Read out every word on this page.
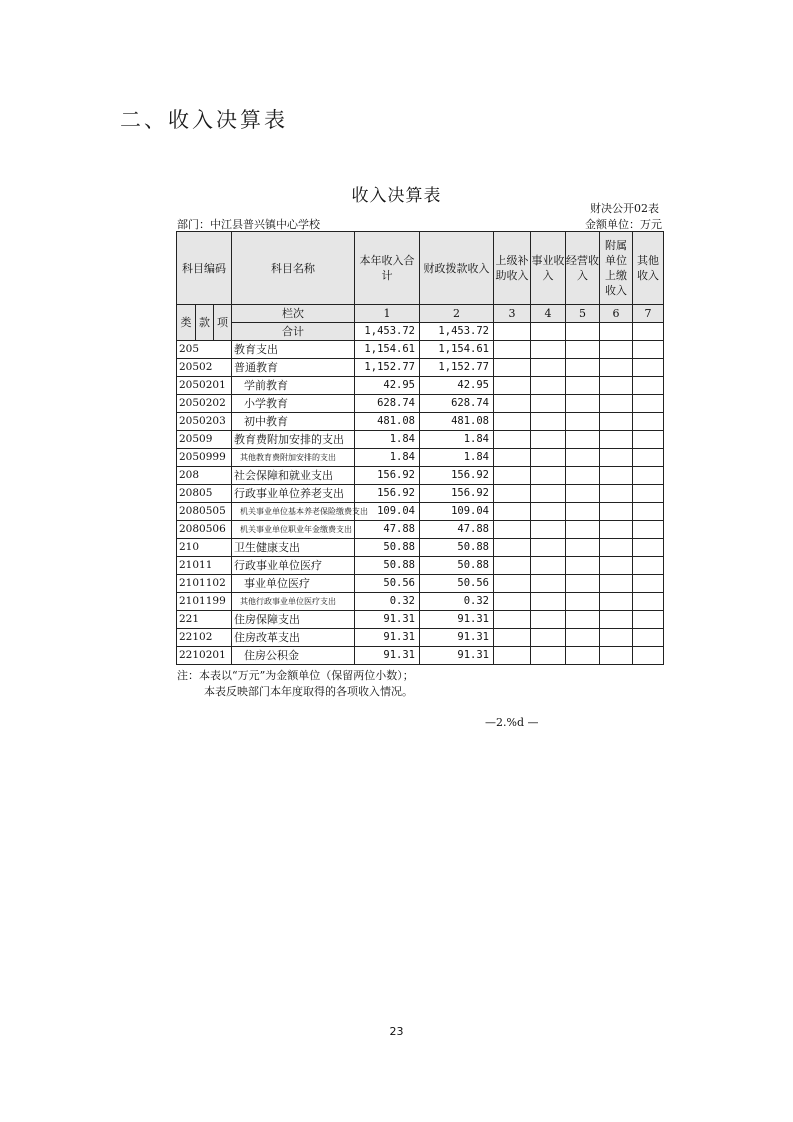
二、收入决算表
收入决算表
财决公开02表
部门：中江县普兴镇中心学校	金额单位：万元
科目编码			科目名称	本年收入合计	财政拨款收入	上级补助收入	事业收入	经营收入	附属单位上缴收入	其他收入

类	款	项	栏次	1	2	3	4	5	6	7
			合计	1,453.72	1,453.72					
205			教育支出	1,154.61	1,154.61					
20502			普通教育	1,152.77	1,152.77					
2050201			学前教育	42.95	42.95					
2050202			小学教育	628.74	628.74					
2050203			初中教育	481.08	481.08					
20509			教育费附加安排的支出	1.84	1.84					
2050999			其他教育费附加安排的支出	1.84	1.84					
208			社会保障和就业支出	156.92	156.92					
20805			行政事业单位养老支出	156.92	156.92					
2080505			机关事业单位基本养老保险缴费支出	109.04	109.04					
2080506			机关事业单位职业年金缴费支出	47.88	47.88					
210			卫生健康支出	50.88	50.88					
21011			行政事业单位医疗	50.88	50.88					
2101102			事业单位医疗	50.56	50.56					
2101199			其他行政事业单位医疗支出	0.32	0.32					
221			住房保障支出	91.31	91.31					
22102			住房改革支出	91.31	91.31					
2210201			住房公积金	91.31	91.31					
注：本表以“万元”为金额单位（保留两位小数）；
本表反映部门本年度取得的各项收入情况。
—2.%d —
23
